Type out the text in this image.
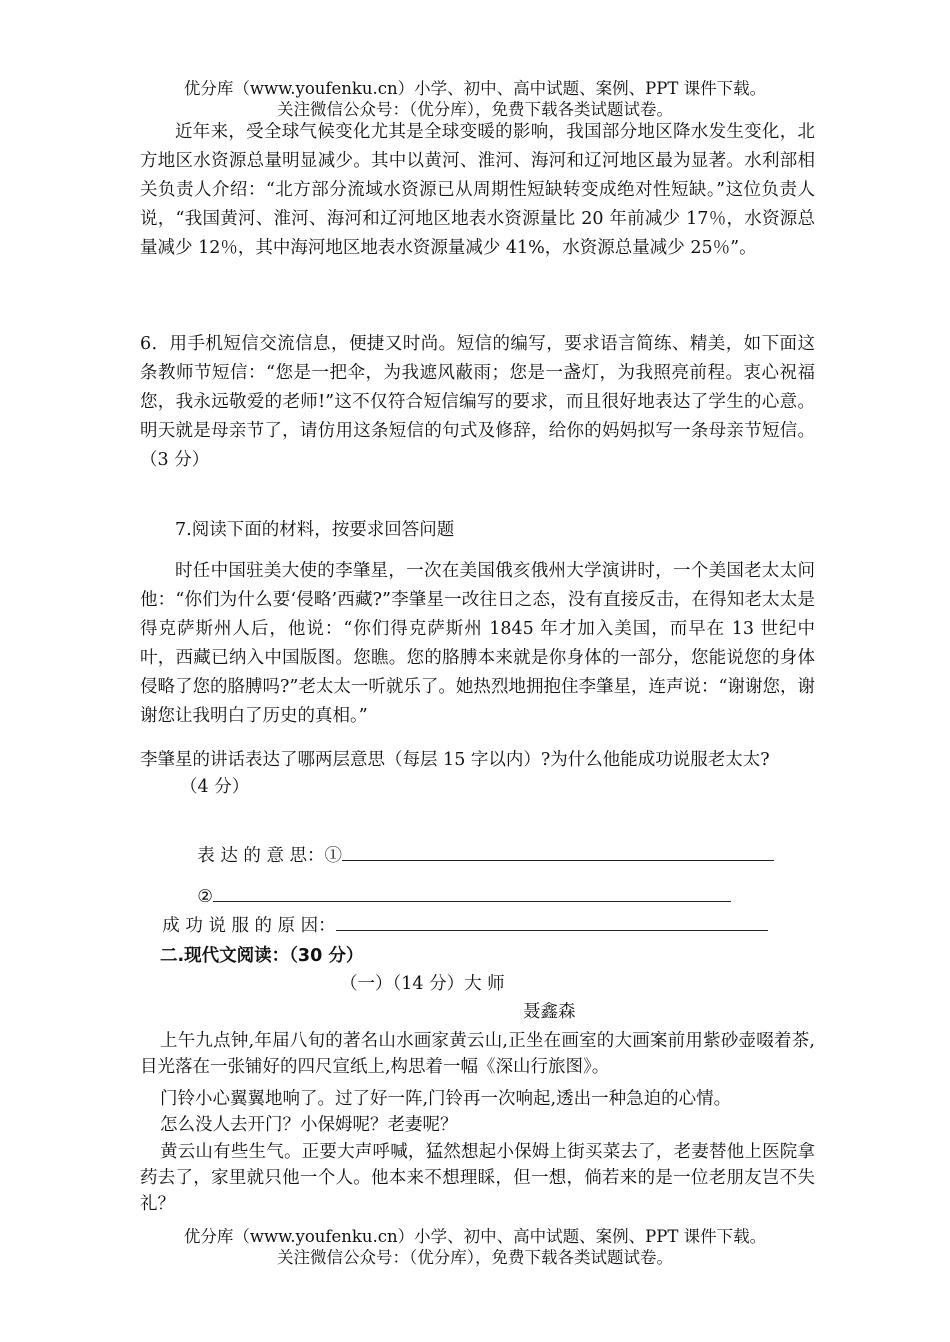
优分库（www.youfenku.cn）小学、初中、高中试题、案例、PPT 课件下载。
关注微信公众号：（优分库），免费下载各类试题试卷。
近年来，受全球气候变化尤其是全球变暖的影响，我国部分地区降水发生变化，北方地区水资源总量明显减少。其中以黄河、淮河、海河和辽河地区最为显著。水利部相关负责人介绍：“北方部分流域水资源已从周期性短缺转变成绝对性短缺。”这位负责人说，“我国黄河、淮河、海河和辽河地区地表水资源量比 20 年前减少 17％，水资源总量减少 12％，其中海河地区地表水资源量减少 41%，水资源总量减少 25％”。
6．用手机短信交流信息，便捷又时尚。短信的编写，要求语言简练、精美，如下面这条教师节短信：“您是一把伞，为我遮风蔽雨；您是一盏灯，为我照亮前程。衷心祝福您，我永远敬爱的老师!”这不仅符合短信编写的要求，而且很好地表达了学生的心意。明天就是母亲节了，请仿用这条短信的句式及修辞，给你的妈妈拟写一条母亲节短信。（3 分）
7.阅读下面的材料，按要求回答问题
时任中国驻美大使的李肇星，一次在美国俄亥俄州大学演讲时，一个美国老太太问他：“你们为什么要‘侵略’西藏?”李肇星一改往日之态，没有直接反击，在得知老太太是得克萨斯州人后，他说：“你们得克萨斯州 1845 年才加入美国，而早在 13 世纪中叶，西藏已纳入中国版图。您瞧。您的胳膊本来就是你身体的一部分，您能说您的身体侵略了您的胳膊吗?”老太太一听就乐了。她热烈地拥抱住李肇星，连声说：“谢谢您，谢谢您让我明白了历史的真相。”
李肇星的讲话表达了哪两层意思（每层 15 字以内）?为什么他能成功说服老太太?
（4 分）

表 达 的 意 思：①

②

成 功 说 服 的 原 因：

二.现代文阅读：（30 分）
（一）（14 分）大 师
聂鑫森
上午九点钟,年届八旬的著名山水画家黄云山,正坐在画室的大画案前用紫砂壶啜着茶,目光落在一张铺好的四尺宣纸上,构思着一幅《深山行旅图》。
门铃小心翼翼地响了。过了好一阵,门铃再一次响起,透出一种急迫的心情。
怎么没人去开门？小保姆呢？老妻呢？
黄云山有些生气。正要大声呼喊，猛然想起小保姆上街买菜去了，老妻替他上医院拿药去了，家里就只他一个人。他本来不想理睬，但一想，倘若来的是一位老朋友岂不失礼？
优分库（www.youfenku.cn）小学、初中、高中试题、案例、PPT 课件下载。
关注微信公众号：（优分库），免费下载各类试题试卷。
